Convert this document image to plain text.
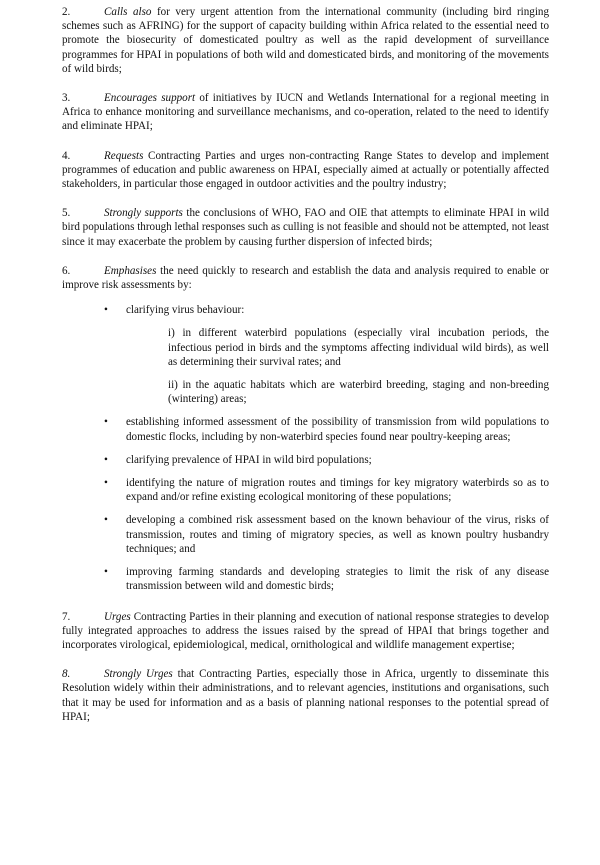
2.	Calls also for very urgent attention from the international community (including bird ringing schemes such as AFRING) for the support of capacity building within Africa related to the essential need to promote the biosecurity of domesticated poultry as well as the rapid development of surveillance programmes for HPAI in populations of both wild and domesticated birds, and monitoring of the movements of wild birds;

3.	Encourages support of initiatives by IUCN and Wetlands International for a regional meeting in Africa to enhance monitoring and surveillance mechanisms, and co-operation, related to the need to identify and eliminate HPAI;

4.	Requests Contracting Parties and urges non-contracting Range States to develop and implement programmes of education and public awareness on HPAI, especially aimed at actually or potentially affected stakeholders, in particular those engaged in outdoor activities and the poultry industry;

5.	Strongly supports the conclusions of WHO, FAO and OIE that attempts to eliminate HPAI in wild bird populations through lethal responses such as culling is not feasible and should not be attempted, not least since it may exacerbate the problem by causing further dispersion of infected birds;

6.	Emphasises the need quickly to research and establish the data and analysis required to enable or improve risk assessments by:

• clarifying virus behaviour:
i) in different waterbird populations (especially viral incubation periods, the infectious period in birds and the symptoms affecting individual wild birds), as well as determining their survival rates; and
ii) in the aquatic habitats which are waterbird breeding, staging and non-breeding (wintering) areas;
• establishing informed assessment of the possibility of transmission from wild populations to domestic flocks, including by non-waterbird species found near poultry-keeping areas;
• clarifying prevalence of HPAI in wild bird populations;
• identifying the nature of migration routes and timings for key migratory waterbirds so as to expand and/or refine existing ecological monitoring of these populations;
• developing a combined risk assessment based on the known behaviour of the virus, risks of transmission, routes and timing of migratory species, as well as known poultry husbandry techniques; and
• improving farming standards and developing strategies to limit the risk of any disease transmission between wild and domestic birds;

7.	Urges Contracting Parties in their planning and execution of national response strategies to develop fully integrated approaches to address the issues raised by the spread of HPAI that brings together and incorporates virological, epidemiological, medical, ornithological and wildlife management expertise;

8.	Strongly Urges that Contracting Parties, especially those in Africa, urgently to disseminate this Resolution widely within their administrations, and to relevant agencies, institutions and organisations, such that it may be used for information and as a basis of planning national responses to the potential spread of HPAI;
